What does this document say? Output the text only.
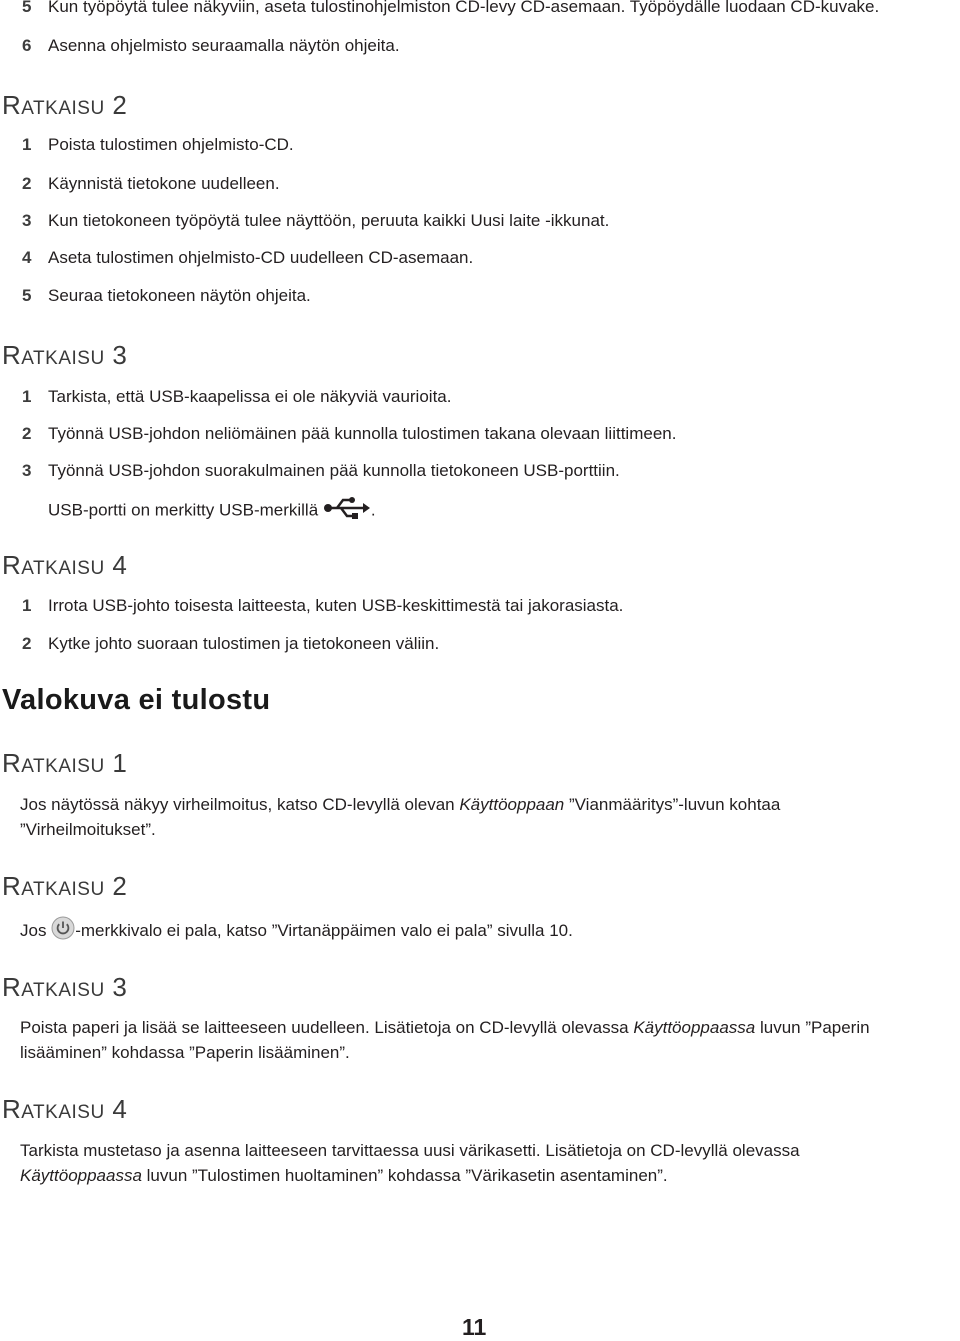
5 Kun työpöytä tulee näkyviin, aseta tulostinohjelmiston CD-levy CD-asemaan. Työpöydälle luodaan CD-kuvake.
6 Asenna ohjelmisto seuraamalla näytön ohjeita.
RATKAISU 2
1 Poista tulostimen ohjelmisto-CD.
2 Käynnistä tietokone uudelleen.
3 Kun tietokoneen työpöytä tulee näyttöön, peruuta kaikki Uusi laite -ikkunat.
4 Aseta tulostimen ohjelmisto-CD uudelleen CD-asemaan.
5 Seuraa tietokoneen näytön ohjeita.
RATKAISU 3
1 Tarkista, että USB-kaapelissa ei ole näkyviä vaurioita.
2 Työnnä USB-johdon neliömäinen pää kunnolla tulostimen takana olevaan liittimeen.
3 Työnnä USB-johdon suorakulmainen pää kunnolla tietokoneen USB-porttiin.
USB-portti on merkitty USB-merkillä	.
RATKAISU 4
1 Irrota USB-johto toisesta laitteesta, kuten USB-keskittimestä tai jakorasiasta.
2 Kytke johto suoraan tulostimen ja tietokoneen väliin.
Valokuva ei tulostu
RATKAISU 1
Jos näytössä näkyy virheilmoitus, katso CD-levyllä olevan Käyttöoppaan ”Vianmääritys”-luvun kohtaa
”Virheilmoitukset”.
RATKAISU 2
Jos -merkkivalo ei pala, katso ”Virtanäppäimen valo ei pala” sivulla 10.
RATKAISU 3
Poista paperi ja lisää se laitteeseen uudelleen. Lisätietoja on CD-levyllä olevassa Käyttöoppaassa luvun ”Paperin
lisääminen” kohdassa ”Paperin lisääminen”.
RATKAISU 4
Tarkista mustetaso ja asenna laitteeseen tarvittaessa uusi värikasetti. Lisätietoja on CD-levyllä olevassa
Käyttöoppaassa luvun ”Tulostimen huoltaminen” kohdassa ”Värikasetin asentaminen”.
11
